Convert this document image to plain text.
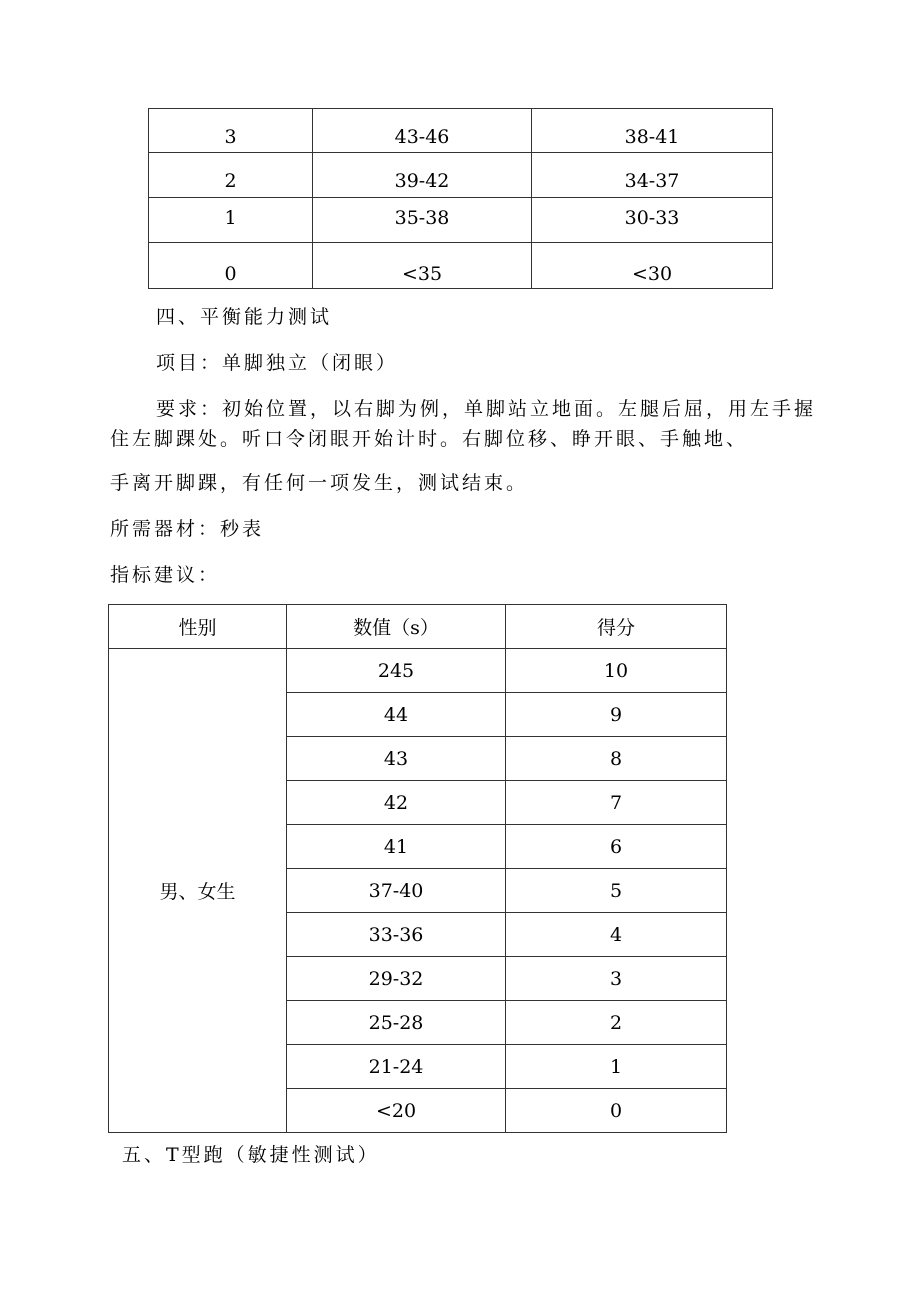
3	43-46	38-41
2	39-42	34-37
1	35-38	30-33
0	<35	<30

四、平衡能力测试

项目：单脚独立（闭眼）

要求：初始位置，以右脚为例，单脚站立地面。左腿后屈，用左手握

住左脚踝处。听口令闭眼开始计时。右脚位移、睁开眼、手触地、

手离开脚踝，有任何一项发生，测试结束。

所需器材：秒表

指标建议：

性别	数值（s）	得分
男、女生	245	10
	44	9
	43	8
	42	7
	41	6
	37-40	5
	33-36	4
	29-32	3
	25-28	2
	21-24	1
	<20	0

五、T型跑（敏捷性测试）
